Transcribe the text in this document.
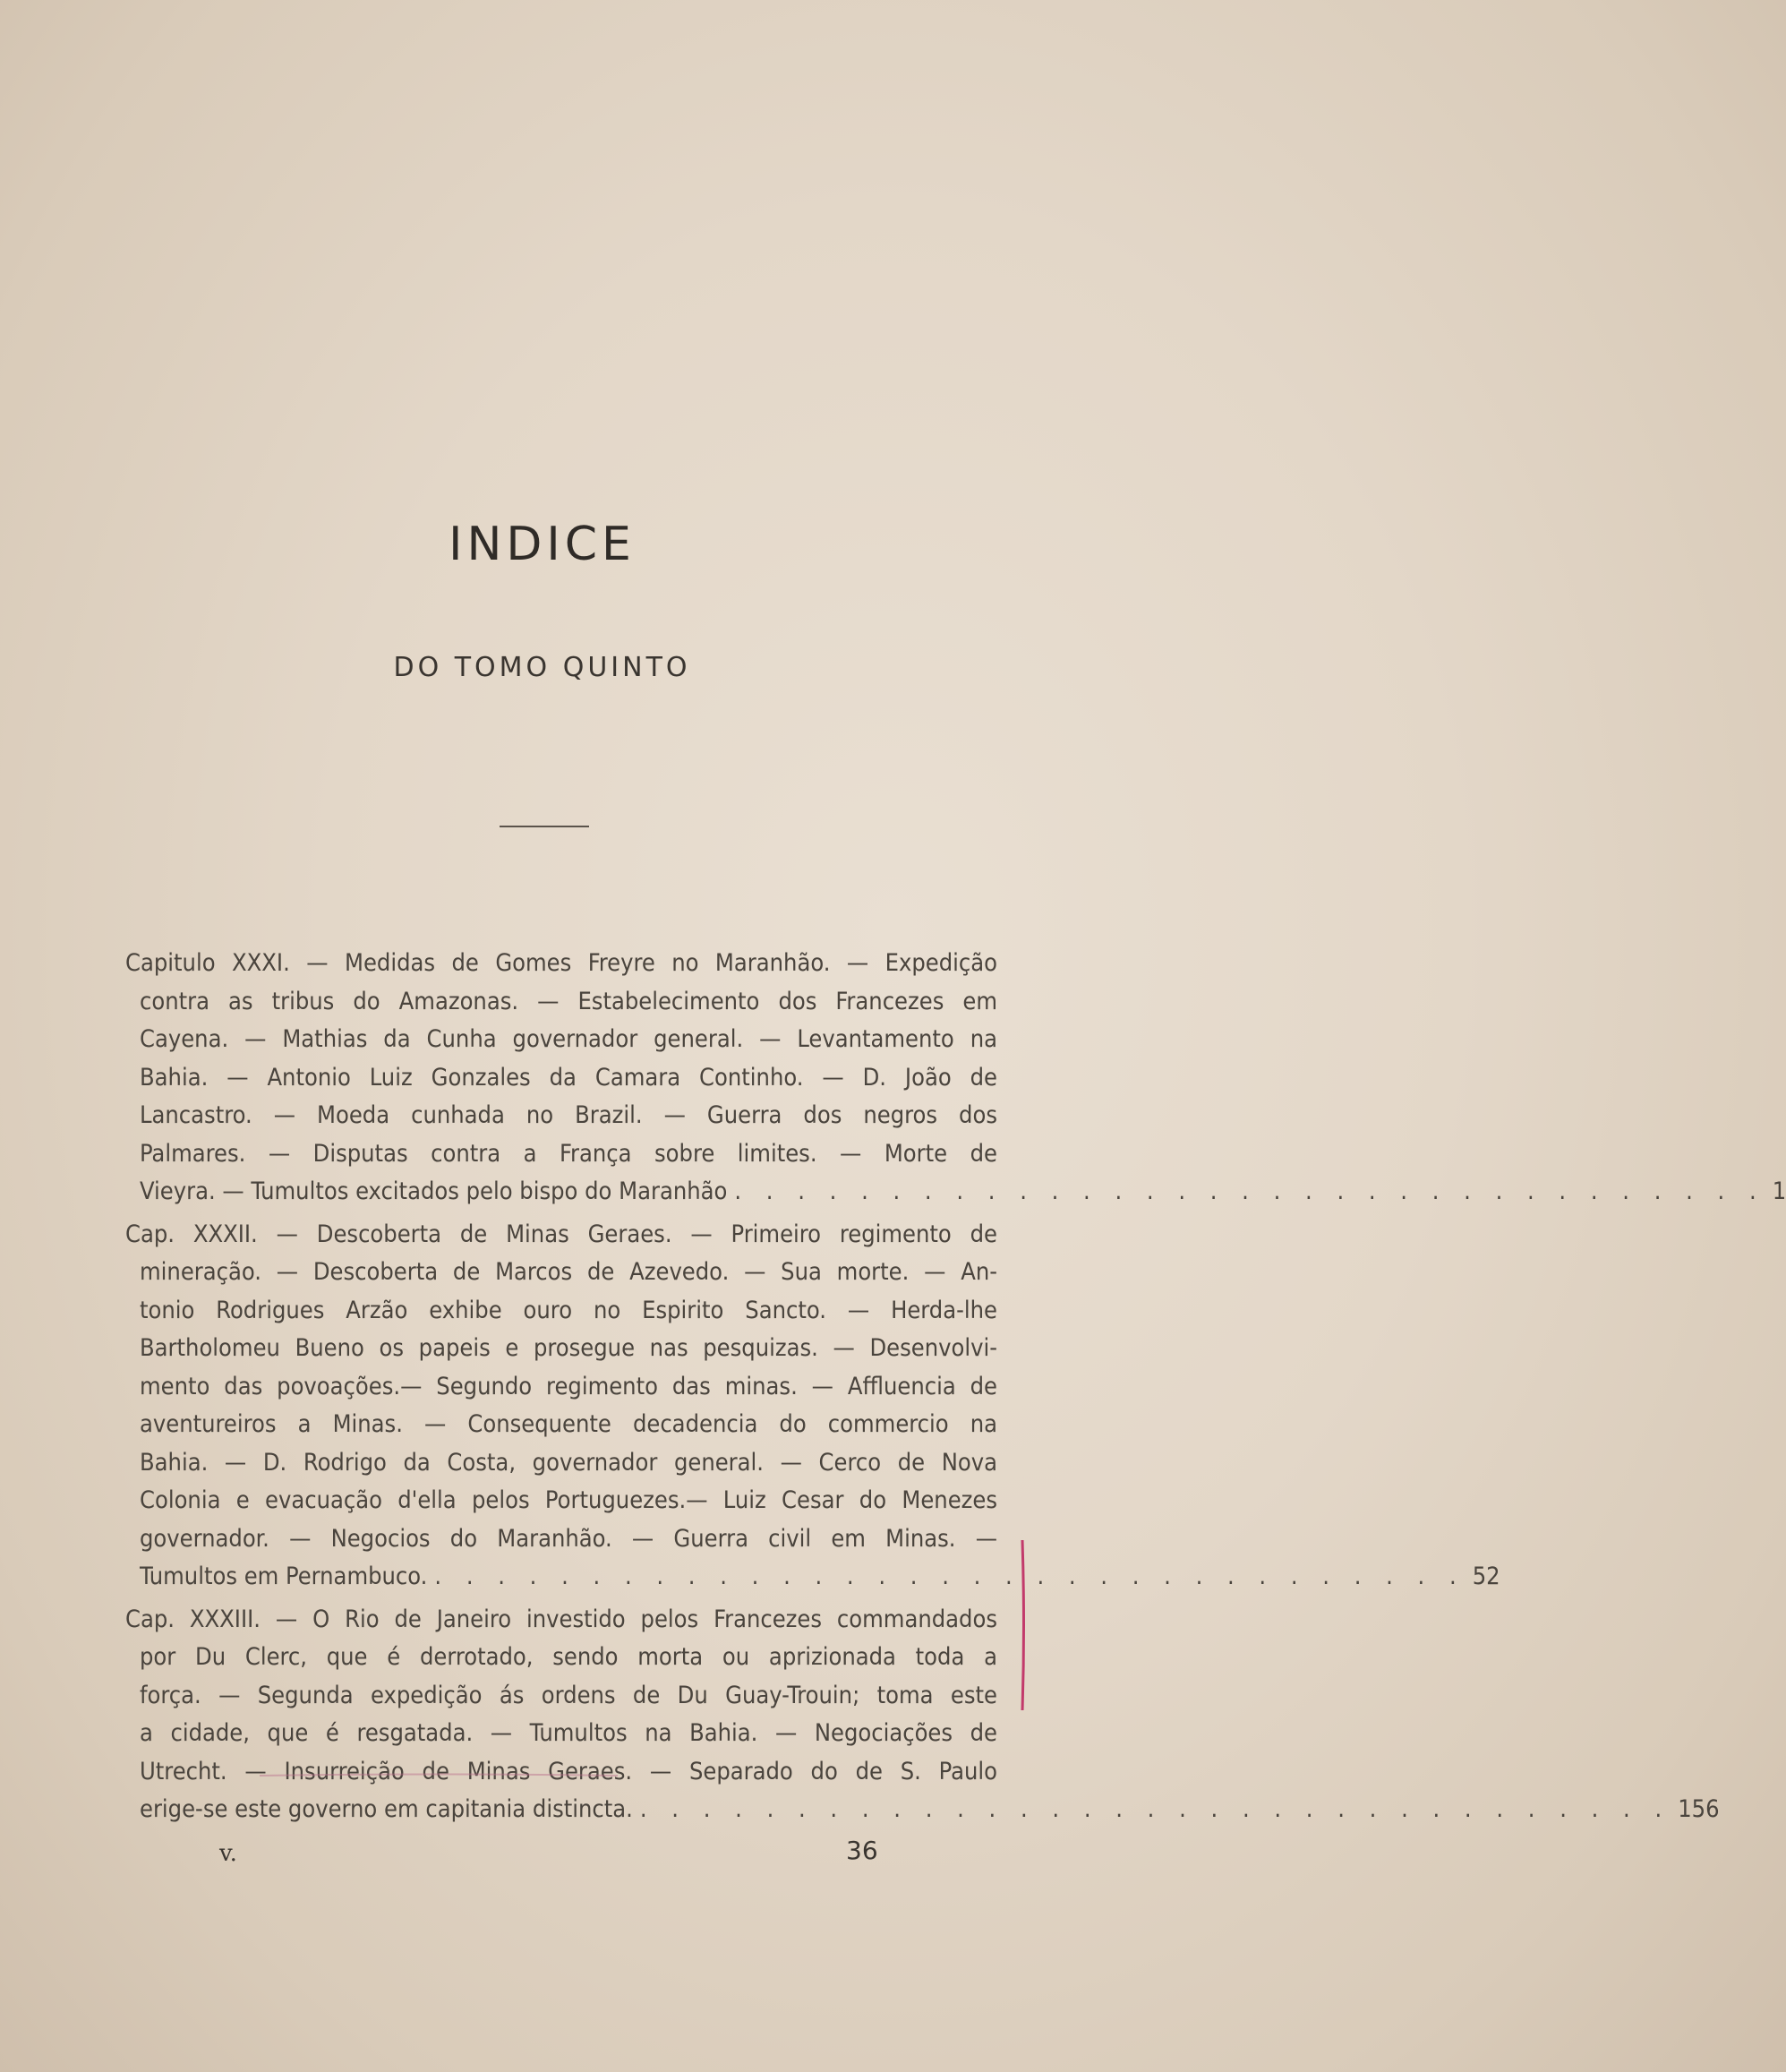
INDICE
DO TOMO QUINTO
Capitulo XXXI. — Medidas de Gomes Freyre no Maranhão. — Expedição
contra as tribus do Amazonas. — Estabelecimento dos Francezes em
Cayena. — Mathias da Cunha governador general. — Levantamento na
Bahia. — Antonio Luiz Gonzales da Camara Continho. — D. João de
Lancastro. — Moeda cunhada no Brazil. — Guerra dos negros dos
Palmares. — Disputas contra a França sobre limites. — Morte de
Vieyra. — Tumultos excitados pelo bispo do Maranhão . . . . . . . . . . . . . . . . . . . . . . . . . . . . . . . . . 1
Cap. XXXII. — Descoberta de Minas Geraes. — Primeiro regimento de
mineração. — Descoberta de Marcos de Azevedo. — Sua morte. — An-
tonio Rodrigues Arzão exhibe ouro no Espirito Sancto. — Herda-lhe
Bartholomeu Bueno os papeis e prosegue nas pesquizas. — Desenvolvi-
mento das povoações.— Segundo regimento das minas. — Affluencia de
aventureiros a Minas. — Consequente decadencia do commercio na
Bahia. — D. Rodrigo da Costa, governador general. — Cerco de Nova
Colonia e evacuação d'ella pelos Portuguezes.— Luiz Cesar do Menezes
governador. — Negocios do Maranhão. — Guerra civil em Minas. —
Tumultos em Pernambuco. . . . . . . . . . . . . . . . . . . . . . . . . . . . . . . . . . 52
Cap. XXXIII. — O Rio de Janeiro investido pelos Francezes commandados
por Du Clerc, que é derrotado, sendo morta ou aprizionada toda a
força. — Segunda expedição ás ordens de Du Guay-Trouin; toma este
a cidade, que é resgatada. — Tumultos na Bahia. — Negociações de
Utrecht. — Insurreição de Minas Geraes. — Separado do de S. Paulo
erige-se este governo em capitania distincta. . . . . . . . . . . . . . . . . . . . . . . . . . . . . . . . . . 156
v.	36
